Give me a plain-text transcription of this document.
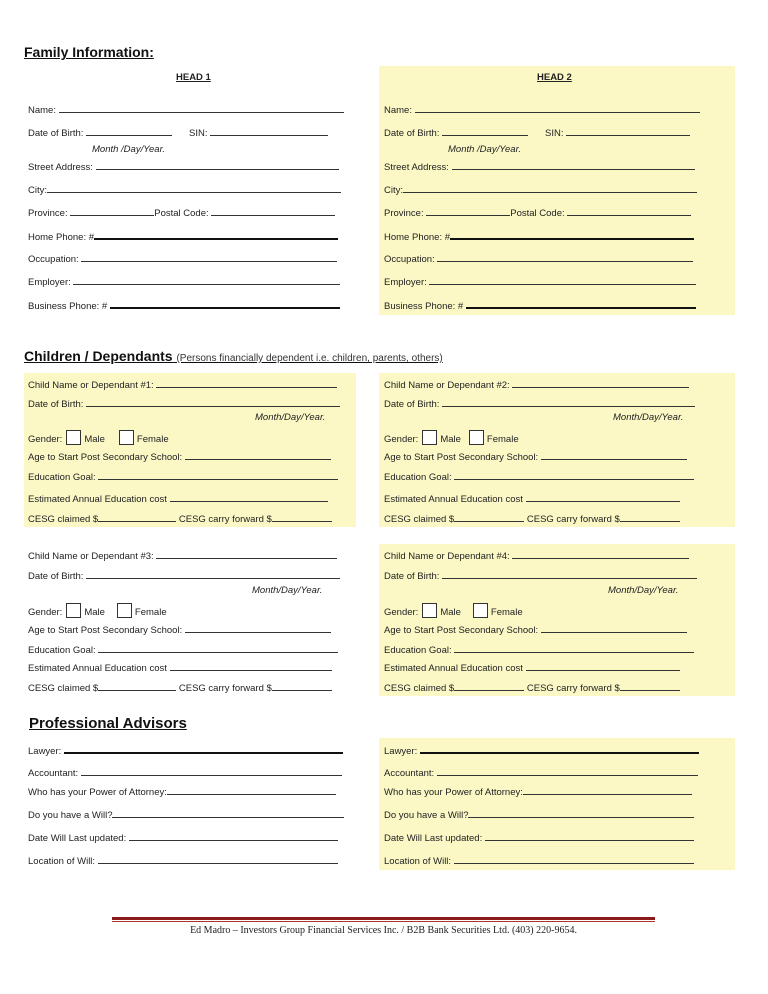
Family Information:
HEAD 1	HEAD 2
Name:
Date of Birth:	SIN:
Month /Day/Year.
Street Address:
City:
Province:	Postal Code:
Home Phone: #
Occupation:
Employer:
Business Phone: #
Name:
Date of Birth:	SIN:
Month /Day/Year.
Street Address:
City:
Province:	Postal Code:
Home Phone: #
Occupation:
Employer:
Business Phone: #
Children / Dependants (Persons financially dependent i.e. children, parents, others)
Child Name or Dependant #1:
Date of Birth:
Month/Day/Year.
Gender: Male	Female
Age to Start Post Secondary School:
Education Goal:
Estimated Annual Education cost
CESG claimed $	CESG carry forward $
Child Name or Dependant #2:
Date of Birth:
Month/Day/Year.
Gender: Male	Female
Age to Start Post Secondary School:
Education Goal:
Estimated Annual Education cost
CESG claimed $	CESG carry forward $
Child Name or Dependant #3:
Date of Birth:
Month/Day/Year.
Gender: Male	Female
Age to Start Post Secondary School:
Education Goal:
Estimated Annual Education cost
CESG claimed $	CESG carry forward $
Child Name or Dependant #4:
Date of Birth:
Month/Day/Year.
Gender: Male	Female
Age to Start Post Secondary School:
Education Goal:
Estimated Annual Education cost
CESG claimed $	CESG carry forward $
Professional Advisors
Lawyer:
Accountant:
Who has your Power of Attorney:
Do you have a Will?
Date Will Last updated:
Location of Will:
Lawyer:
Accountant:
Who has your Power of Attorney:
Do you have a Will?
Date Will Last updated:
Location of Will:
Ed Madro – Investors Group Financial Services Inc. / B2B Bank Securities Ltd. (403) 220-9654.
